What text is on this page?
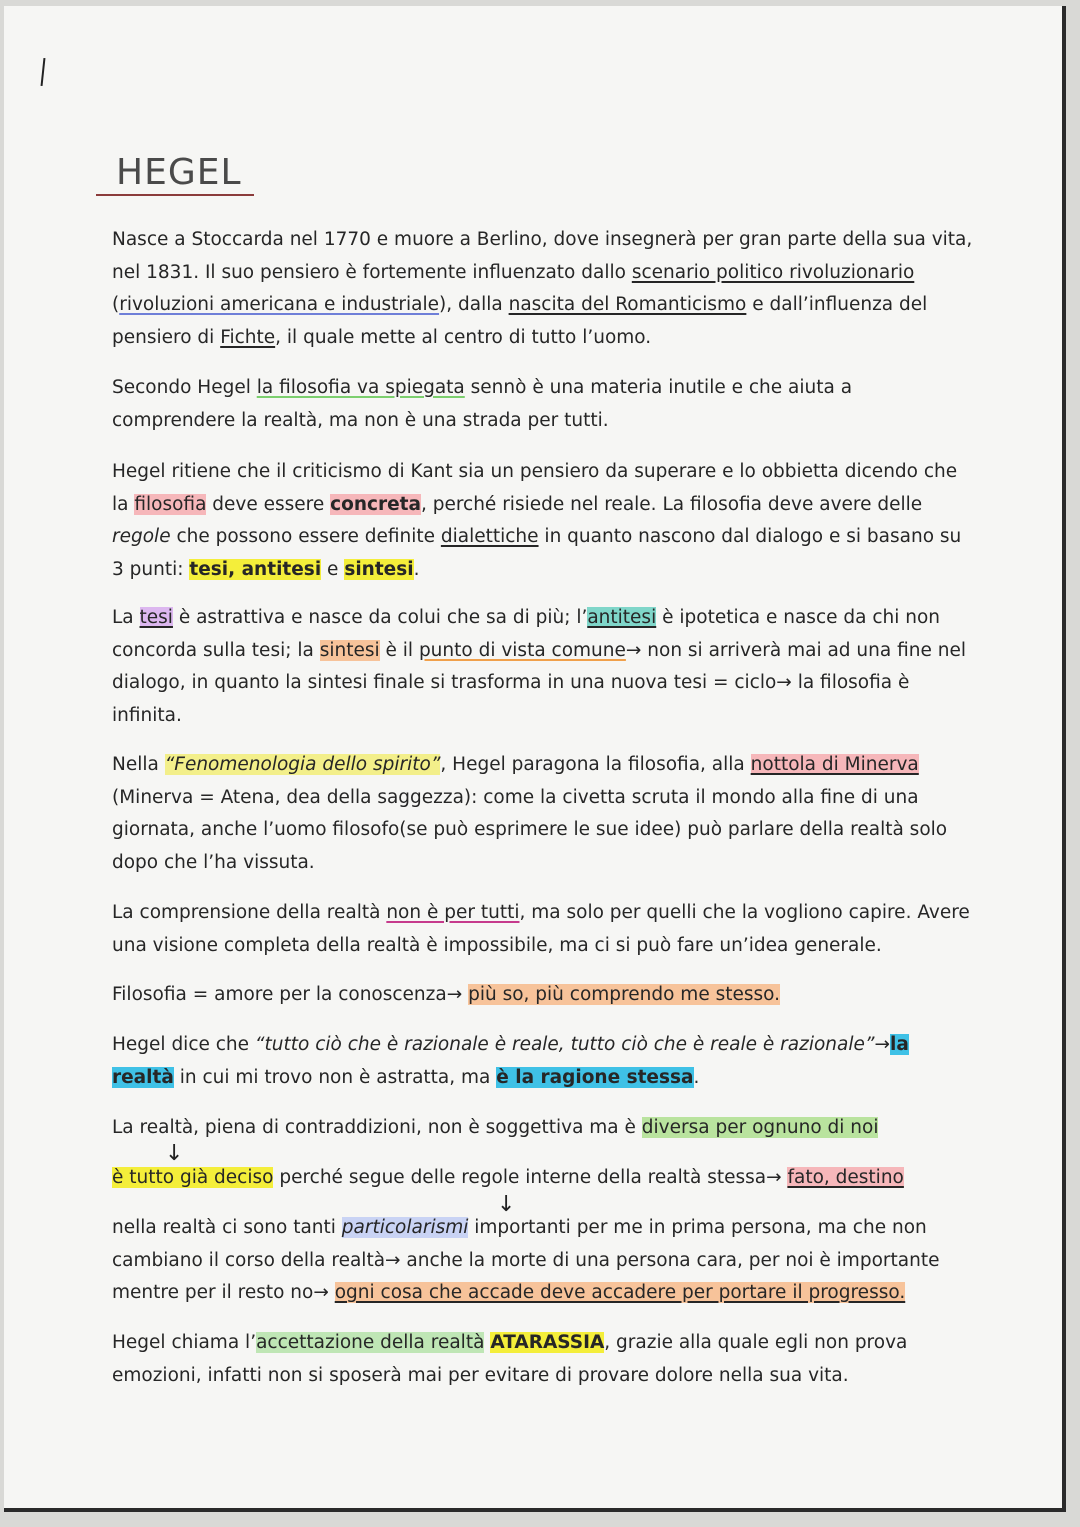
HEGEL
Nasce a Stoccarda nel 1770 e muore a Berlino, dove insegnerà per gran parte della sua vita, nel 1831. Il suo pensiero è fortemente influenzato dallo scenario politico rivoluzionario (rivoluzioni americana e industriale), dalla nascita del Romanticismo e dall’influenza del pensiero di Fichte, il quale mette al centro di tutto l’uomo.
Secondo Hegel la filosofia va spiegata sennò è una materia inutile e che aiuta a comprendere la realtà, ma non è una strada per tutti.
Hegel ritiene che il criticismo di Kant sia un pensiero da superare e lo obbietta dicendo che la filosofia deve essere concreta, perché risiede nel reale. La filosofia deve avere delle regole che possono essere definite dialettiche in quanto nascono dal dialogo e si basano su 3 punti: tesi, antitesi e sintesi.
La tesi è astrattiva e nasce da colui che sa di più; l’antitesi è ipotetica e nasce da chi non concorda sulla tesi; la sintesi è il punto di vista comune→ non si arriverà mai ad una fine nel dialogo, in quanto la sintesi finale si trasforma in una nuova tesi = ciclo→ la filosofia è infinita.
Nella “Fenomenologia dello spirito”, Hegel paragona la filosofia, alla nottola di Minerva (Minerva = Atena, dea della saggezza): come la civetta scruta il mondo alla fine di una giornata, anche l’uomo filosofo(se può esprimere le sue idee) può parlare della realtà solo dopo che l’ha vissuta.
La comprensione della realtà non è per tutti, ma solo per quelli che la vogliono capire. Avere una visione completa della realtà è impossibile, ma ci si può fare un’idea generale.
Filosofia = amore per la conoscenza→ più so, più comprendo me stesso.
Hegel dice che “tutto ciò che è razionale è reale, tutto ciò che è reale è razionale”→la realtà in cui mi trovo non è astratta, ma è la ragione stessa.
La realtà, piena di contraddizioni, non è soggettiva ma è diversa per ognuno di noi
↓
è tutto già deciso perché segue delle regole interne della realtà stessa→ fato, destino
↓
nella realtà ci sono tanti particolarismi importanti per me in prima persona, ma che non cambiano il corso della realtà→ anche la morte di una persona cara, per noi è importante mentre per il resto no→ ogni cosa che accade deve accadere per portare il progresso.
Hegel chiama l’accettazione della realtà ATARASSIA, grazie alla quale egli non prova emozioni, infatti non si sposerà mai per evitare di provare dolore nella sua vita.
